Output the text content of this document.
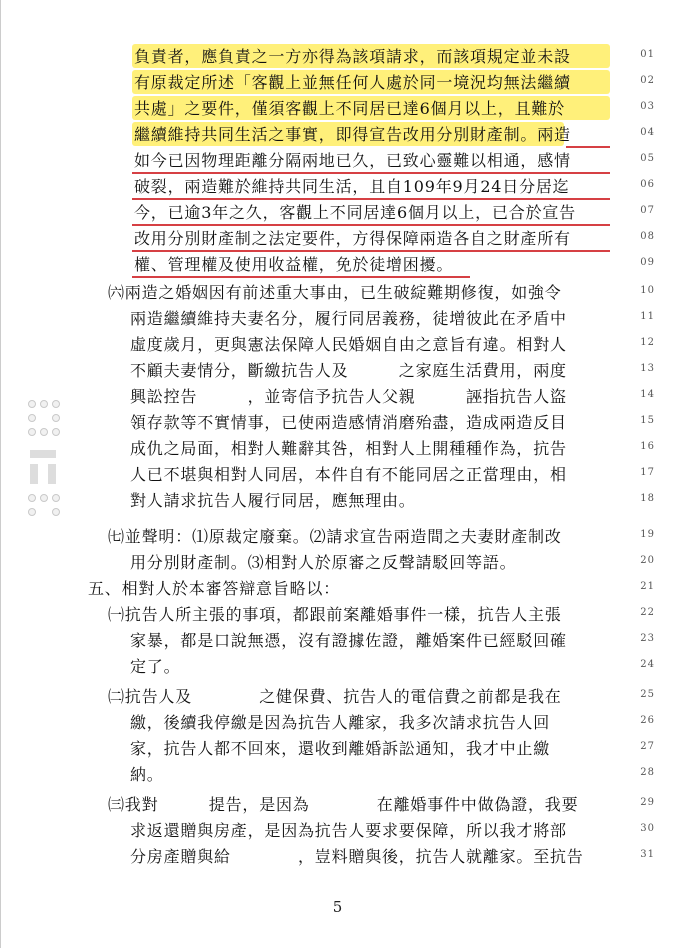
負責者，應負責之一方亦得為該項請求，而該項規定並未設	01
有原裁定所述「客觀上並無任何人處於同一境況均無法繼續	02
共處」之要件，僅須客觀上不同居已達6個月以上，且難於	03
繼續維持共同生活之事實，即得宣告改用分別財產制。兩造	04
如今已因物理距離分隔兩地已久，已致心靈難以相通，感情	05
破裂，兩造難於維持共同生活，且自109年9月24日分居迄	06
今，已逾3年之久，客觀上不同居達6個月以上，已合於宣告	07
改用分別財產制之法定要件，方得保障兩造各自之財產所有	08
權、管理權及使用收益權，免於徒增困擾。	09
㈥兩造之婚姻因有前述重大事由，已生破綻難期修復，如強令	10
兩造繼續維持夫妻名分，履行同居義務，徒增彼此在矛盾中	11
虛度歲月，更與憲法保障人民婚姻自由之意旨有違。相對人	12
不顧夫妻情分，斷繳抗告人及　　　之家庭生活費用，兩度	13
興訟控告　　　，並寄信予抗告人父親　　　誣指抗告人盜	14
領存款等不實情事，已使兩造感情消磨殆盡，造成兩造反目	15
成仇之局面，相對人難辭其咎，相對人上開種種作為，抗告	16
人已不堪與相對人同居，本件自有不能同居之正當理由，相	17
對人請求抗告人履行同居，應無理由。	18
㈦並聲明：⑴原裁定廢棄。⑵請求宣告兩造間之夫妻財產制改	19
用分別財產制。⑶相對人於原審之反聲請駁回等語。	20
五、相對人於本審答辯意旨略以：	21
㈠抗告人所主張的事項，都跟前案離婚事件一樣，抗告人主張	22
家暴，都是口說無憑，沒有證據佐證，離婚案件已經駁回確	23
定了。	24
㈡抗告人及　　　　之健保費、抗告人的電信費之前都是我在	25
繳，後續我停繳是因為抗告人離家，我多次請求抗告人回	26
家，抗告人都不回來，還收到離婚訴訟通知，我才中止繳	27
納。	28
㈢我對　　　提告，是因為　　　　在離婚事件中做偽證，我要	29
求返還贈與房產，是因為抗告人要求要保障，所以我才將部	30
分房產贈與給　　　　，豈料贈與後，抗告人就離家。至抗告	31
5
